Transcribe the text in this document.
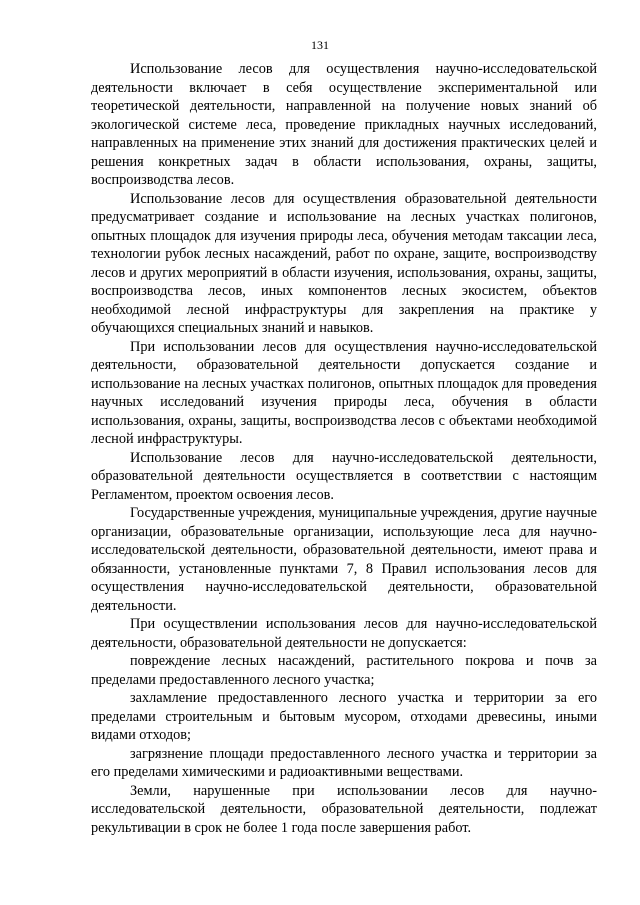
131

Использование лесов для осуществления научно-исследовательской деятельности включает в себя осуществление экспериментальной или теоретической деятельности, направленной на получение новых знаний об экологической системе леса, проведение прикладных научных исследований, направленных на применение этих знаний для достижения практических целей и решения конкретных задач в области использования, охраны, защиты, воспроизводства лесов.

Использование лесов для осуществления образовательной деятельности предусматривает создание и использование на лесных участках полигонов, опытных площадок для изучения природы леса, обучения методам таксации леса, технологии рубок лесных насаждений, работ по охране, защите, воспроизводству лесов и других мероприятий в области изучения, использования, охраны, защиты, воспроизводства лесов, иных компонентов лесных экосистем, объектов необходимой лесной инфраструктуры для закрепления на практике у обучающихся специальных знаний и навыков.

При использовании лесов для осуществления научно-исследовательской деятельности, образовательной деятельности допускается создание и использование на лесных участках полигонов, опытных площадок для проведения научных исследований изучения природы леса, обучения в области использования, охраны, защиты, воспроизводства лесов с объектами необходимой лесной инфраструктуры.

Использование лесов для научно-исследовательской деятельности, образовательной деятельности осуществляется в соответствии с настоящим Регламентом, проектом освоения лесов.

Государственные учреждения, муниципальные учреждения, другие научные организации, образовательные организации, использующие леса для научно-исследовательской деятельности, образовательной деятельности, имеют права и обязанности, установленные пунктами 7, 8 Правил использования лесов для осуществления научно-исследовательской деятельности, образовательной деятельности.

При осуществлении использования лесов для научно-исследовательской деятельности, образовательной деятельности не допускается:

повреждение лесных насаждений, растительного покрова и почв за пределами предоставленного лесного участка;

захламление предоставленного лесного участка и территории за его пределами строительным и бытовым мусором, отходами древесины, иными видами отходов;

загрязнение площади предоставленного лесного участка и территории за его пределами химическими и радиоактивными веществами.

Земли, нарушенные при использовании лесов для научно-исследовательской деятельности, образовательной деятельности, подлежат рекультивации в срок не более 1 года после завершения работ.
